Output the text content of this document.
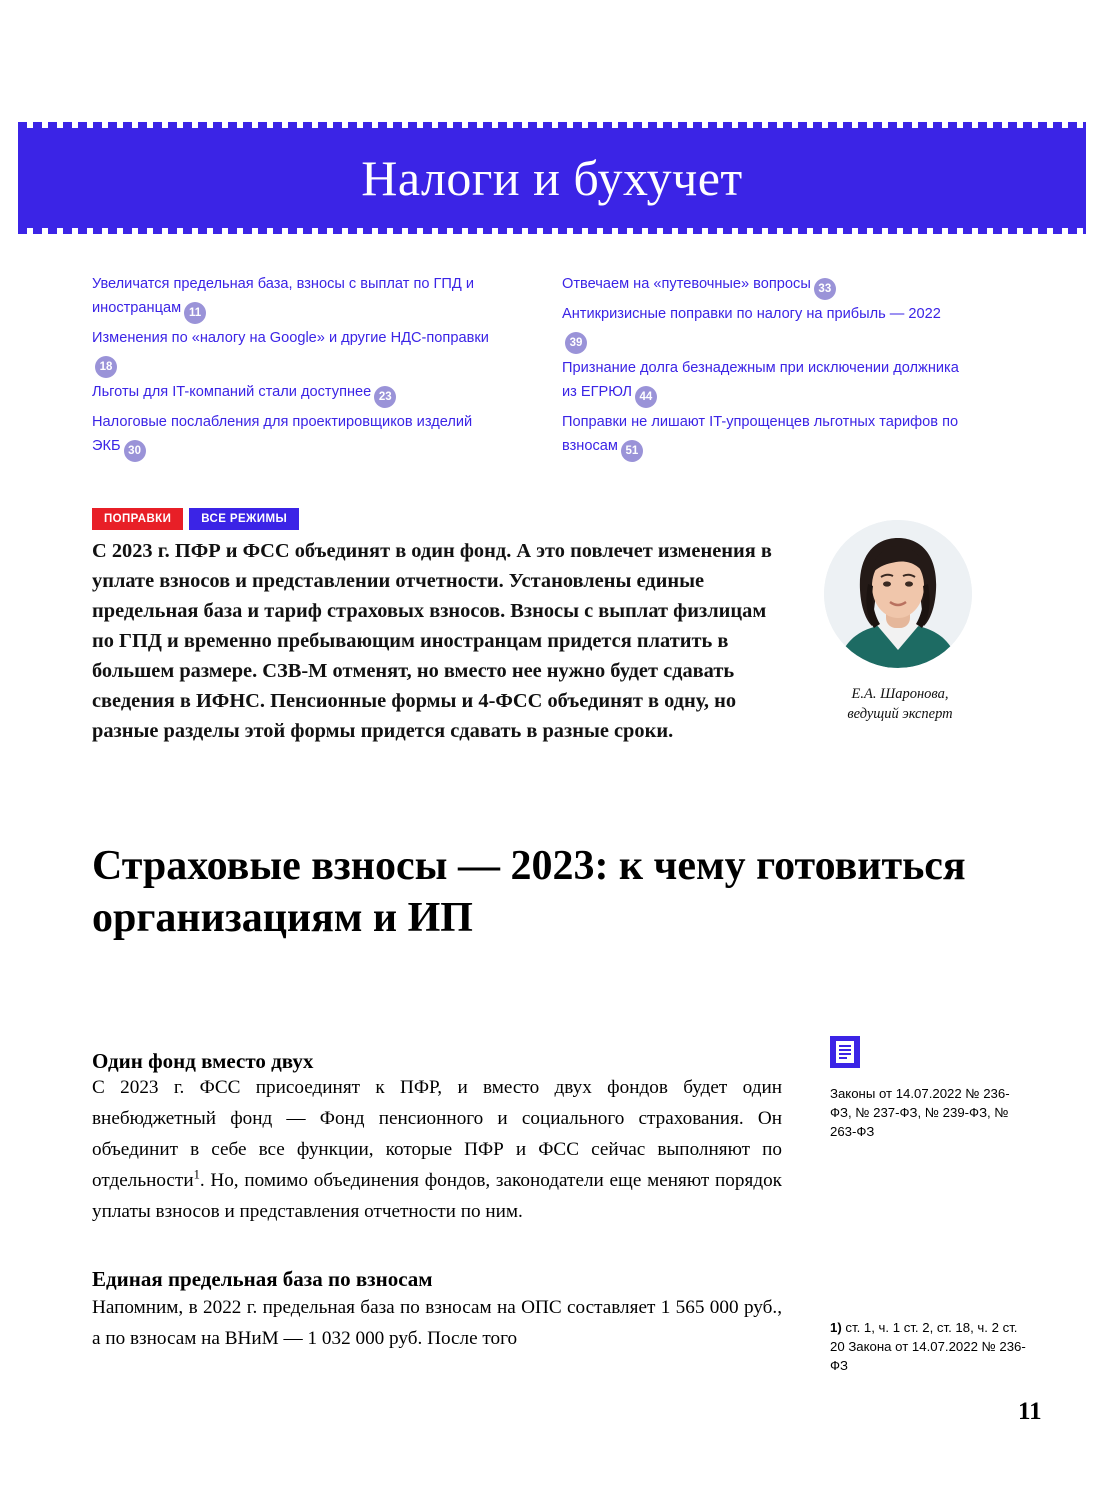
Налоги и бухучет
Увеличатся предельная база, взносы с выплат по ГПД и иностранцам 11
Изменения по «налогу на Google» и другие НДС-поправки18
Льготы для IT-компаний стали доступнее 23
Налоговые послабления для проектировщиков изделий ЭКБ 30
Отвечаем на «путевочные» вопросы 33
Антикризисные поправки по налогу на прибыль — 202239
Признание долга безнадежным при исключении должника из ЕГРЮЛ 44
Поправки не лишают IT-упрощенцев льготных тарифов по взносам 51
ПОПРАВКИ	ВСЕ РЕЖИМЫ
С 2023 г. ПФР и ФСС объединят в один фонд. А это повлечет изменения в уплате взносов и представлении отчетности. Установлены единые предельная база и тариф страховых взносов. Взносы с выплат физлицам по ГПД и временно пребывающим иностранцам придется платить в большем размере. СЗВ-М отменят, но вместо нее нужно будет сдавать сведения в ИФНС. Пенсионные формы и 4-ФСС объединят в одну, но разные разделы этой формы придется сдавать в разные сроки.
Е.А. Шаронова,
ведущий эксперт
Страховые взносы — 2023: к чему готовиться организациям и ИП
Один фонд вместо двух
С 2023 г. ФСС присоединят к ПФР, и вместо двух фондов будет один внебюджетный фонд — Фонд пенсионного и социального страхования. Он объединит в себе все функции, которые ПФР и ФСС сейчас выполняют по отдельности$^1$. Но, помимо объединения фондов, законодатели еще меняют порядок уплаты взносов и представления отчетности по ним.
Единая предельная база по взносам
Напомним, в 2022 г. предельная база по взносам на ОПС составляет 1 565 000 руб., а по взносам на ВНиМ — 1 032 000 руб. После того
Законы от 14.07.2022 № 236-ФЗ, № 237-ФЗ, № 239-ФЗ, № 263-ФЗ
1) ст. 1, ч. 1 ст. 2, ст. 18, ч. 2 ст. 20 Закона от 14.07.2022 № 236-ФЗ
11
